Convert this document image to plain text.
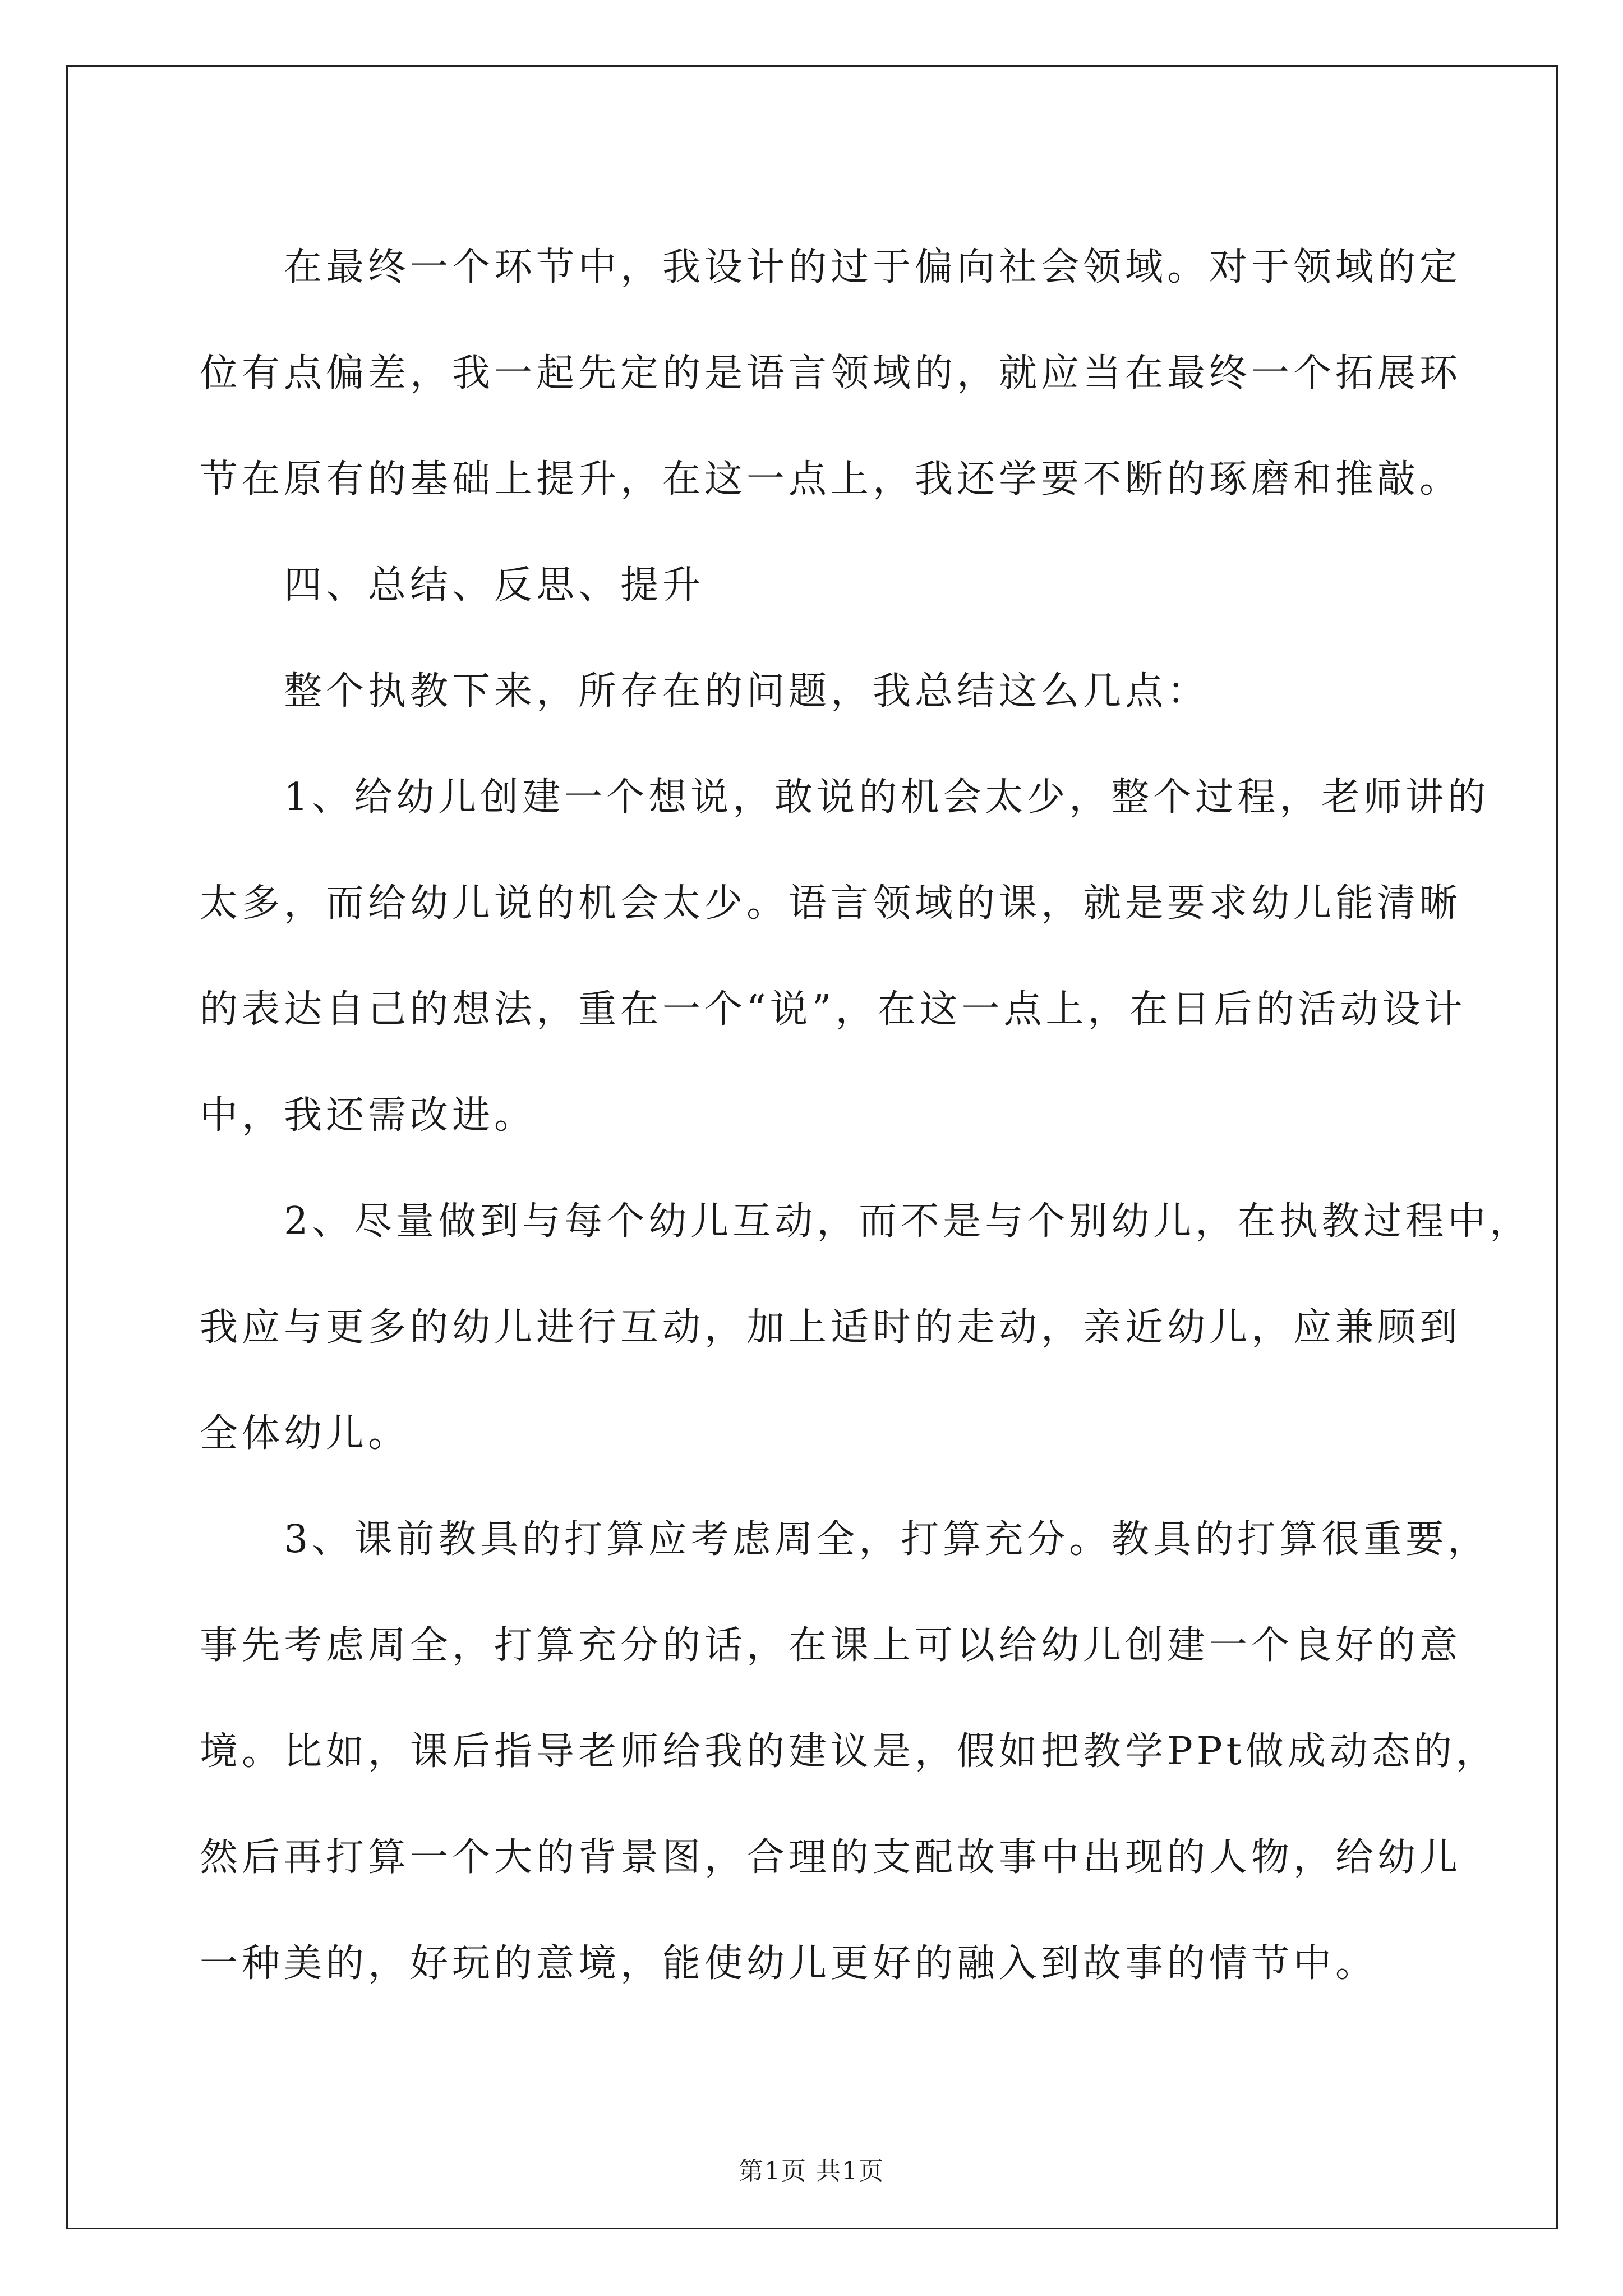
在最终一个环节中，我设计的过于偏向社会领域。对于领域的定
位有点偏差，我一起先定的是语言领域的，就应当在最终一个拓展环
节在原有的基础上提升，在这一点上，我还学要不断的琢磨和推敲。

四、总结、反思、提升

整个执教下来，所存在的问题，我总结这么几点：

1、给幼儿创建一个想说，敢说的机会太少，整个过程，老师讲的
太多，而给幼儿说的机会太少。语言领域的课，就是要求幼儿能清晰
的表达自己的想法，重在一个“说”，在这一点上，在日后的活动设计
中，我还需改进。

2、尽量做到与每个幼儿互动，而不是与个别幼儿，在执教过程中，
我应与更多的幼儿进行互动，加上适时的走动，亲近幼儿，应兼顾到
全体幼儿。

3、课前教具的打算应考虑周全，打算充分。教具的打算很重要，
事先考虑周全，打算充分的话，在课上可以给幼儿创建一个良好的意
境。比如，课后指导老师给我的建议是，假如把教学PPt做成动态的，
然后再打算一个大的背景图，合理的支配故事中出现的人物，给幼儿
一种美的，好玩的意境，能使幼儿更好的融入到故事的情节中。

第1页 共1页
